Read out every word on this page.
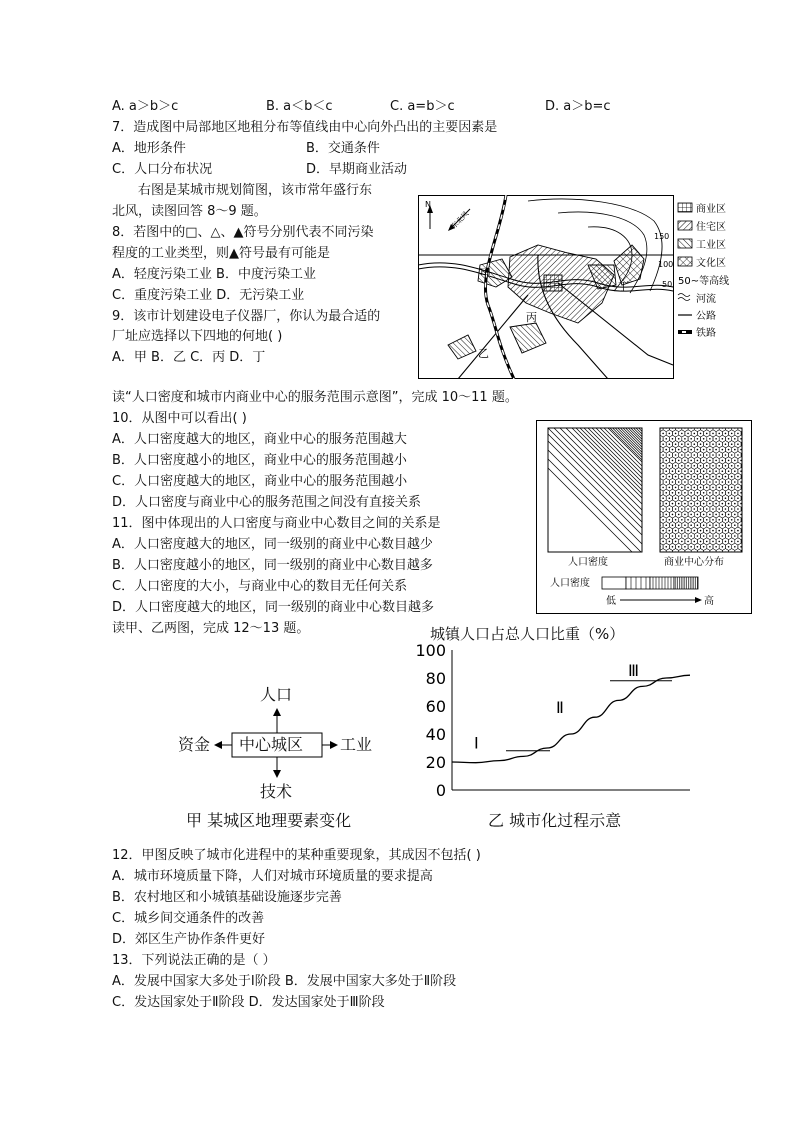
A. a＞b＞c	B. a＜b＜c	C. a=b＞c	D. a＞b=c
7．造成图中局部地区地租分布等值线由中心向外凸出的主要因素是
A．地形条件	B．交通条件
C．人口分布状况	D．早期商业活动
右图是某城市规划简图，该市常年盛行东
北风，读图回答 8～9 题。
8．若图中的□、△、▲符号分别代表不同污染
程度的工业类型，则▲符号最有可能是
A．轻度污染工业 B．中度污染工业
C．重度污染工业 D．无污染工业
9．该市计划建设电子仪器厂，你认为最合适的
厂址应选择以下四地的何地( )
A．甲 B．乙 C．丙 D．丁
N
东北风
甲
乙
丙
丁
150
100
50
商业区
住宅区
工业区
文化区
50~等高线
河流
公路
铁路
读“人口密度和城市内商业中心的服务范围示意图”，完成 10～11 题。
10．从图中可以看出( )
A．人口密度越大的地区，商业中心的服务范围越大
B．人口密度越小的地区，商业中心的服务范围越小
C．人口密度越大的地区，商业中心的服务范围越小
D．人口密度与商业中心的服务范围之间没有直接关系
11．图中体现出的人口密度与商业中心数目之间的关系是
A．人口密度越大的地区，同一级别的商业中心数目越少
B．人口密度越小的地区，同一级别的商业中心数目越多
C．人口密度的大小，与商业中心的数目无任何关系
D．人口密度越大的地区，同一级别的商业中心数目越多
读甲、乙两图，完成 12～13 题。
人口密度	商业中心分布
人口密度
低	高
中心城区
人口
资金	工业
技术
甲 某城区地理要素变化
城镇人口占总人口比重（%）
0
20
40
60
80
100
Ⅰ
Ⅱ
Ⅲ
乙 城市化过程示意
12．甲图反映了城市化进程中的某种重要现象，其成因不包括( )
A．城市环境质量下降，人们对城市环境质量的要求提高
B．农村地区和小城镇基础设施逐步完善
C．城乡间交通条件的改善
D．郊区生产协作条件更好
13．下列说法正确的是（ ）
A．发展中国家大多处于Ⅰ阶段 B．发展中国家大多处于Ⅱ阶段
C．发达国家处于Ⅱ阶段 D．发达国家处于Ⅲ阶段
